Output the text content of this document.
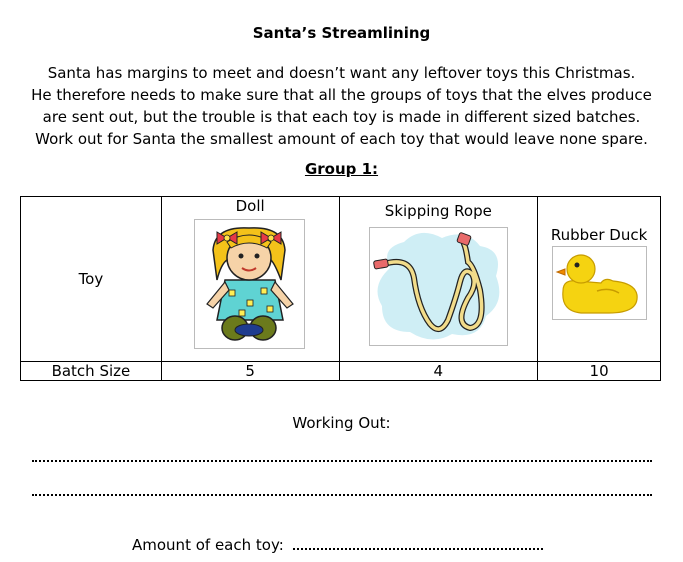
Santa’s Streamlining
Santa has margins to meet and doesn’t want any leftover toys this Christmas.
He therefore needs to make sure that all the groups of toys that the elves produce
are sent out, but the trouble is that each toy is made in different sized batches.
Work out for Santa the smallest amount of each toy that would leave none spare.
Group 1:
Toy	Doll	Skipping Rope	Rubber Duck

Batch Size	5	4	10
Working Out:
Amount of each toy:
